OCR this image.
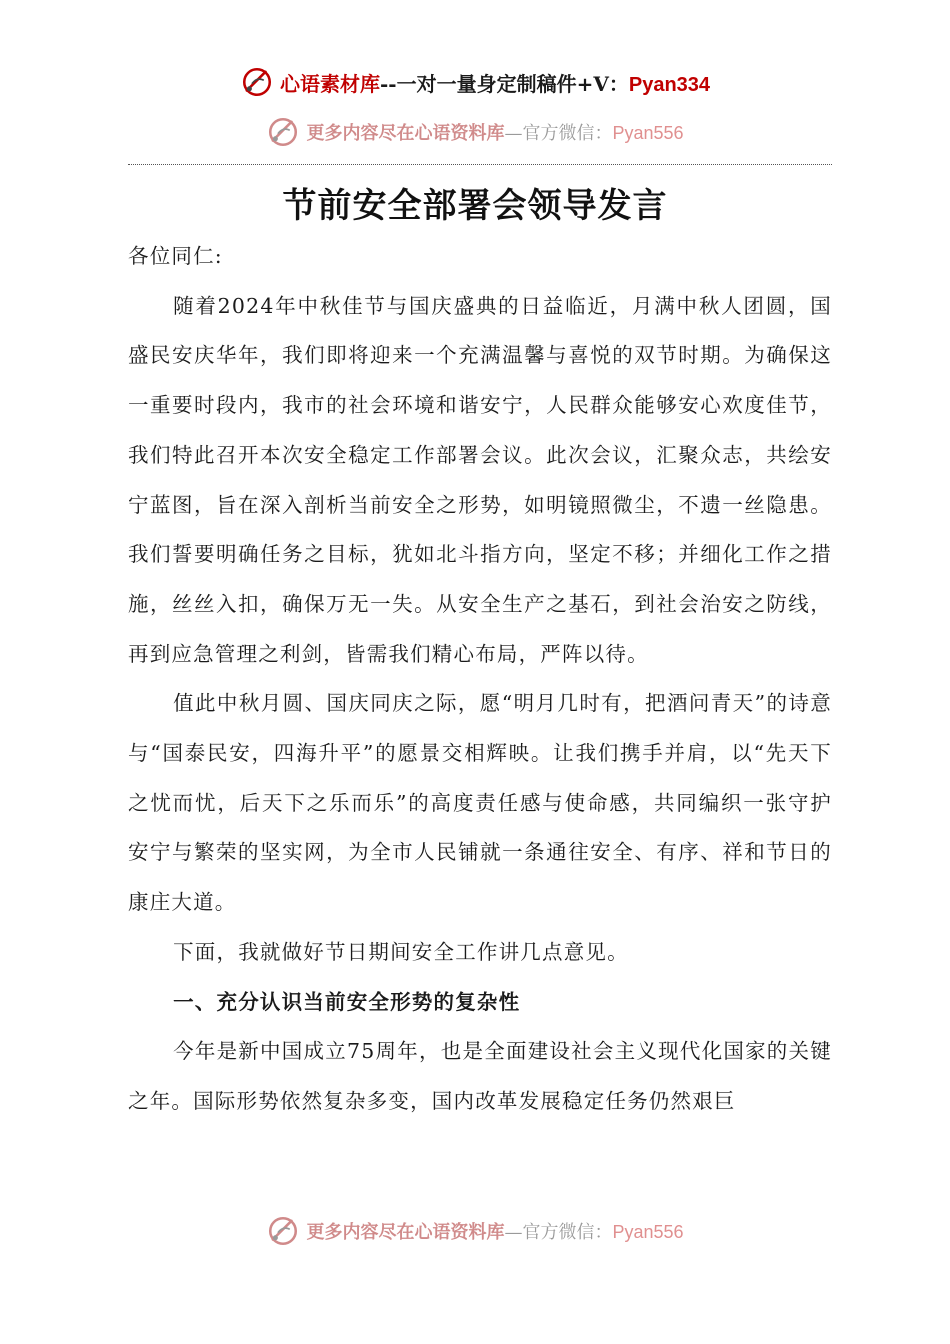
心语素材库--一对一量身定制稿件+V：Pyan334
更多内容尽在心语资料库—官方微信：Pyan556
节前安全部署会领导发言

各位同仁:

随着2024年中秋佳节与国庆盛典的日益临近，月满中秋人团圆，国盛民安庆华年，我们即将迎来一个充满温馨与喜悦的双节时期。为确保这一重要时段内，我市的社会环境和谐安宁，人民群众能够安心欢度佳节，我们特此召开本次安全稳定工作部署会议。此次会议，汇聚众志，共绘安宁蓝图，旨在深入剖析当前安全之形势，如明镜照微尘，不遗一丝隐患。我们誓要明确任务之目标，犹如北斗指方向，坚定不移；并细化工作之措施，丝丝入扣，确保万无一失。从安全生产之基石，到社会治安之防线，再到应急管理之利剑，皆需我们精心布局，严阵以待。

值此中秋月圆、国庆同庆之际，愿“明月几时有，把酒问青天”的诗意与“国泰民安，四海升平”的愿景交相辉映。让我们携手并肩，以“先天下之忧而忧，后天下之乐而乐”的高度责任感与使命感，共同编织一张守护安宁与繁荣的坚实网，为全市人民铺就一条通往安全、有序、祥和节日的康庄大道。

下面，我就做好节日期间安全工作讲几点意见。

一、充分认识当前安全形势的复杂性

今年是新中国成立75周年，也是全面建设社会主义现代化国家的关键之年。国际形势依然复杂多变，国内改革发展稳定任务仍然艰巨

更多内容尽在心语资料库—官方微信：Pyan556
